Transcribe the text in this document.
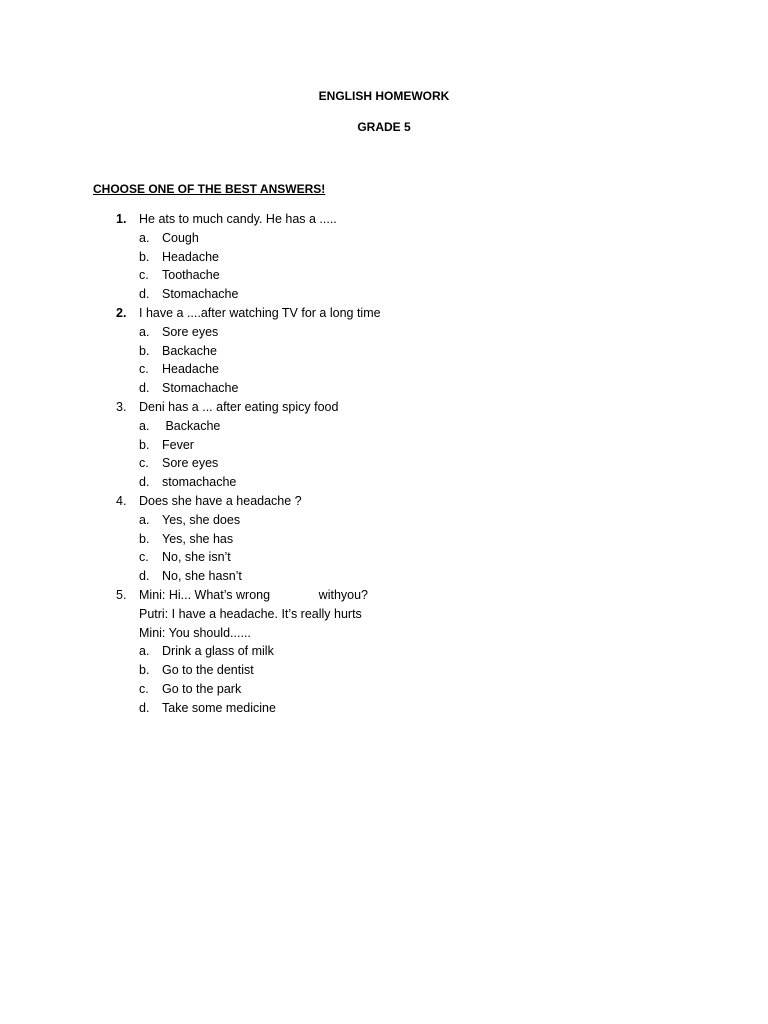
ENGLISH HOMEWORK
GRADE 5
CHOOSE ONE OF THE BEST ANSWERS!
1. He ats to much candy. He has a .....
a. Cough
b. Headache
c. Toothache
d. Stomachache
2. I have a ....after watching TV for a long time
a. Sore eyes
b. Backache
c. Headache
d. Stomachache
3. Deni has a ... after eating spicy food
a. Backache
b. Fever
c. Sore eyes
d. stomachache
4. Does she have a headache ?
a. Yes, she does
b. Yes, she has
c. No, she isn’t
d. No, she hasn’t
5. Mini: Hi... What’s wrong              withyou?
Putri: I have a headache. It’s really hurts
Mini: You should......
a. Drink a glass of milk
b. Go to the dentist
c. Go to the park
d. Take some medicine
